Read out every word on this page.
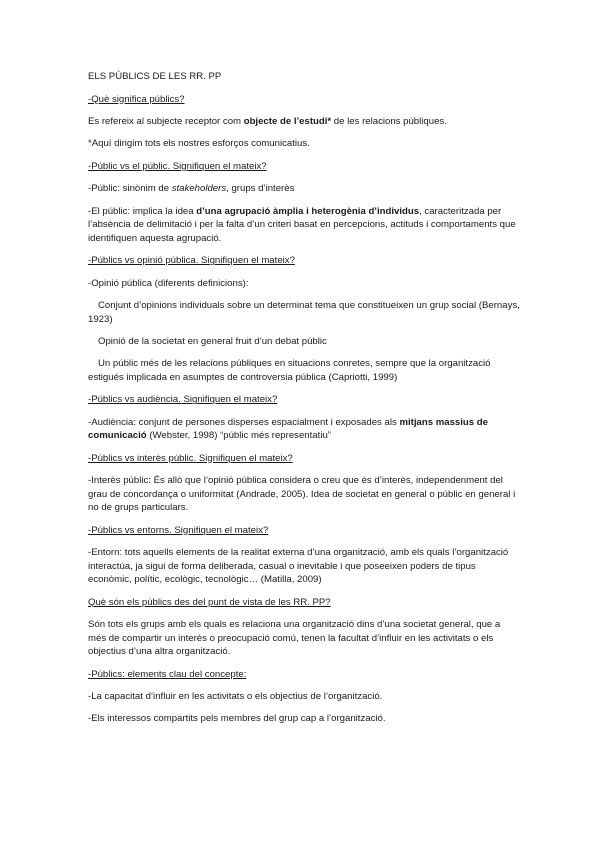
ELS PÚBLICS DE LES RR. PP

-Què significa públics?

Es refereix al subjecte receptor com objecte de l’estudi* de les relacions públiques.

*Aquí dirigim tots els nostres esforços comunicatius.

-Públic vs el públic. Signifiquen el mateix?

-Públic: sinònim de stakeholders, grups d’interès

-El públic: implica la idea d’una agrupació àmplia i heterogènia d’individus, caracteritzada per l’absència de delimitació i per la falta d’un criteri basat en percepcions, actituds i comportaments que identifiquen aquesta agrupació.

-Públics vs opinió pública. Signifiquen el mateix?

-Opinió pública (diferents definicions):

Conjunt d’opinions individuals sobre un determinat tema que constitueixen un grup social (Bernays, 1923)

Opinió de la societat en general fruit d’un debat públic

Un públic més de les relacions públiques en situacions conretes, sempre que la organització estigués implicada en asumptes de controversia pública (Capriotti, 1999)

-Públics vs audiència. Signifiquen el mateix?

-Audiència: conjunt de persones disperses espacialment i exposades als mitjans massius de comunicació (Webster, 1998) “públic més representatiu”

-Públics vs interès públic. Signifiquen el mateix?

-Interès públic: És allò que l’opinió pública considera o creu que és d’interès, independenment del grau de concordança o uniformitat (Andrade, 2005). Idea de societat en general o públic en general i no de grups particulars.

-Públics vs entorns. Signifiquen el mateix?

-Entorn: tots aquells elements de la realitat externa d’una organització, amb els quals l’organització interactúa, ja sigui de forma deliberada, casual o inevitable i que poseeixen poders de tipus econòmic, polític, ecològic, tecnològic… (Matilla, 2009)

Què són els públics des del punt de vista de les RR. PP?

Són tots els grups amb els quals es relaciona una organització dins d’una societat general, que a més de compartir un interès o preocupació comú, tenen la facultat d’influir en les activitats o els objectius d’una altra organització.

-Públics: elements clau del concepte:

-La capacitat d’influir en les activitats o els objectius de l’organització.

-Els interessos compartits pels membres del grup cap a l’organització.
